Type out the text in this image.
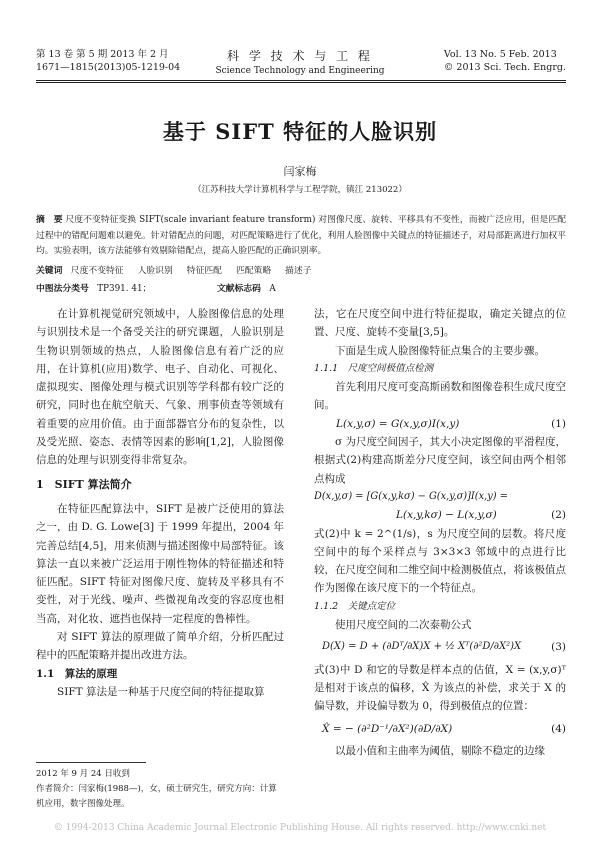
第 13 卷 第 5 期 2013 年 2 月
1671—1815(2013)05-1219-04
科 学 技 术 与 工 程
Science Technology and Engineering
Vol. 13 No. 5 Feb. 2013
© 2013 Sci. Tech. Engrg.
基于 SIFT 特征的人脸识别
闫家梅
（江苏科技大学计算机科学与工程学院，镇江 213022）
摘　要 尺度不变特征变换 SIFT(scale invariant feature transform) 对图像尺度、旋转、平移具有不变性，而被广泛应用，但是匹配过程中的错配问题难以避免。针对错配点的问题，对匹配策略进行了优化，利用人脸图像中关键点的特征描述子，对局部距离进行加权平均。实验表明，该方法能够有效剔除错配点，提高人脸匹配的正确识别率。
关键词 尺度不变特征 人脸识别 特征匹配 匹配策略 描述子
中图法分类号 TP391. 41；	文献标志码 A

在计算机视觉研究领域中，人脸图像信息的处理与识别技术是一个备受关注的研究课题，人脸识别是生物识别领域的热点，人脸图像信息有着广泛的应用，在计算机(应用)数学、电子、自动化、可视化、虚拟现实、图像处理与模式识别等学科都有较广泛的研究，同时也在航空航天、气象、刑事侦查等领域有着重要的应用价值。由于面部器官分布的复杂性，以及受光照、姿态、表情等因素的影响[1,2]，人脸图像信息的处理与识别变得非常复杂。

1　SIFT 算法简介

在特征匹配算法中，SIFT 是被广泛使用的算法之一，由 D. G. Lowe[3] 于 1999 年提出，2004 年完善总结[4,5]，用来侦测与描述图像中局部特征。该算法一直以来被广泛运用于刚性物体的特征描述和特征匹配。SIFT 特征对图像尺度、旋转及平移具有不变性，对于光线、噪声、些微视角改变的容忍度也相当高，对化妆、遮挡也保持一定程度的鲁棒性。

对 SIFT 算法的原理做了简单介绍，分析匹配过程中的匹配策略并提出改进方法。

1.1　算法的原理

SIFT 算法是一种基于尺度空间的特征提取算

2012 年 9 月 24 日收到
作者简介：闫家梅(1988—)，女，硕士研究生，研究方向：计算机应用，数字图像处理。

法，它在尺度空间中进行特征提取，确定关键点的位置、尺度、旋转不变量[3,5]。

下面是生成人脸图像特征点集合的主要步骤。

1.1.1　尺度空间极值点检测

首先利用尺度可变高斯函数和图像卷积生成尺度空间。

L(x,y,σ) = G(x,y,σ)I(x,y)	(1)

σ 为尺度空间因子，其大小决定图像的平滑程度，根据式(2)构建高斯差分尺度空间，该空间由两个相邻点构成

D(x,y,σ) = [G(x,y,kσ) − G(x,y,σ)]I(x,y) =
L(x,y,kσ) − L(x,y,σ)	(2)

式(2)中 k = 2^(1/s)，s 为尺度空间的层数。将尺度空间中的每个采样点与 3×3×3 邻域中的点进行比较，在尺度空间和二维空间中检测极值点，将该极值点作为图像在该尺度下的一个特征点。

1.1.2　关键点定位

使用尺度空间的二次泰勒公式

D(X) = D + (∂Dᵀ/∂X)X + ½ Xᵀ(∂²D/∂X²)X	(3)

式(3)中 D 和它的导数是样本点的估值，X = (x,y,σ)ᵀ 是相对于该点的偏移，X̂ 为该点的补偿，求关于 X 的偏导数，并设偏导数为 0，得到极值点的位置：

X̂ = − (∂²D⁻¹/∂X²)(∂D/∂X)	(4)

以最小值和主曲率为阈值，剔除不稳定的边缘

© 1994-2013 China Academic Journal Electronic Publishing House. All rights reserved. http://www.cnki.net
